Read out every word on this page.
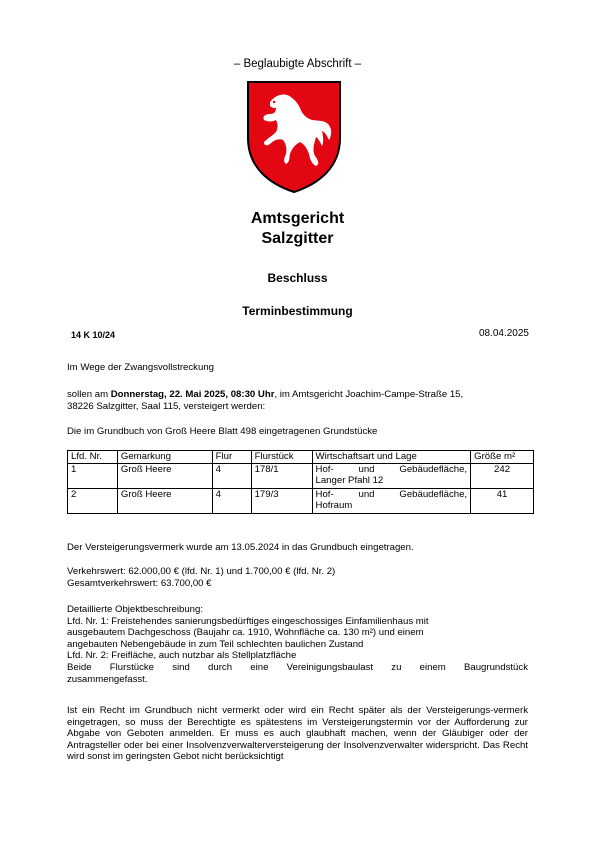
– Beglaubigte Abschrift –
Amtsgericht
Salzgitter
Beschluss
Terminbestimmung
14 K 10/24	08.04.2025
Im Wege der Zwangsvollstreckung
sollen am Donnerstag, 22. Mai 2025, 08:30 Uhr, im Amtsgericht Joachim-Campe-Straße 15,
38226 Salzgitter, Saal 115, versteigert werden:
Die im Grundbuch von Groß Heere Blatt 498 eingetragenen Grundstücke
Lfd. Nr.	Gemarkung	Flur	Flurstück	Wirtschaftsart und Lage	Größe m²
1	Groß Heere	4	178/1	Hof- und Gebäudefläche,
Langer Pfahl 12	242
2	Groß Heere	4	179/3	Hof- und Gebäudefläche,
Hofraum	41
Der Versteigerungsvermerk wurde am 13.05.2024 in das Grundbuch eingetragen.
Verkehrswert: 62.000,00 € (lfd. Nr. 1) und 1.700,00 € (lfd. Nr. 2)
Gesamtverkehrswert: 63.700,00 €
Detaillierte Objektbeschreibung:
Lfd. Nr. 1: Freistehendes sanierungsbedürftiges eingeschossiges Einfamilienhaus mit
ausgebautem Dachgeschoss (Baujahr ca. 1910, Wohnfläche ca. 130 m²) und einem
angebauten Nebengebäude in zum Teil schlechten baulichen Zustand
Lfd. Nr. 2: Freifläche, auch nutzbar als Stellplatzfläche
Beide Flurstücke sind durch eine Vereinigungsbaulast zu einem Baugrundstück
zusammengefasst.
Ist ein Recht im Grundbuch nicht vermerkt oder wird ein Recht später als der Versteigerungs-vermerk eingetragen, so muss der Berechtigte es spätestens im Versteigerungstermin vor der Aufforderung zur Abgabe von Geboten anmelden. Er muss es auch glaubhaft machen, wenn der Gläubiger oder der Antragsteller oder bei einer Insolvenzverwalterversteigerung der Insolvenzverwalter widerspricht. Das Recht wird sonst im geringsten Gebot nicht berücksichtigt
